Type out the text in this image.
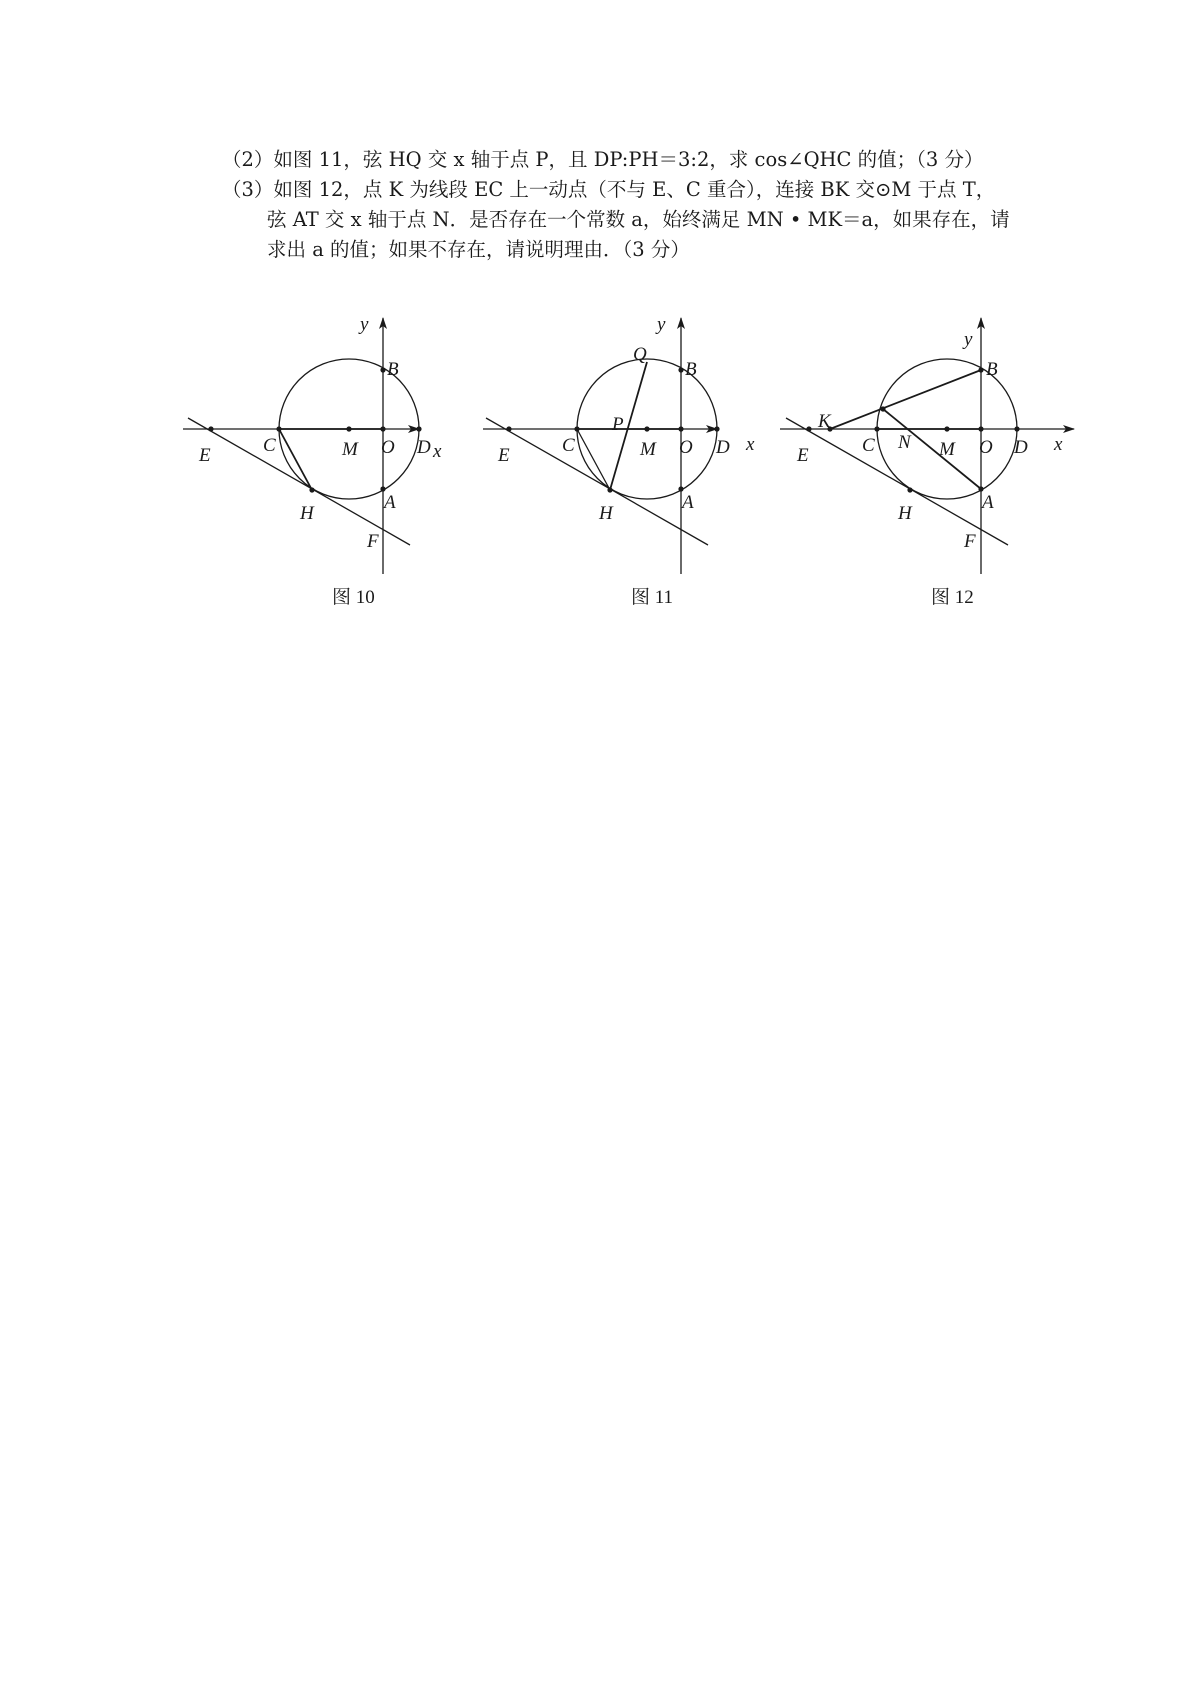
（2）如图 11，弦 HQ 交 x 轴于点 P，且 DP:PH＝3:2，求 cos∠QHC 的值；（3 分）
（3）如图 12，点 K 为线段 EC 上一动点（不与 E、C 重合），连接 BK 交⊙M 于点 T，
弦 AT 交 x 轴于点 N．是否存在一个常数 a，始终满足 MN • MK＝a，如果存在，请
求出 a 的值；如果不存在，请说明理由．（3 分）
y
B
C	M O D x
E
H
A
F
图 10
y
Q
B
P
C	M O D x
E
H
A
图 11
y
B
K
C N M O D x
E
H
A
F
图 12
